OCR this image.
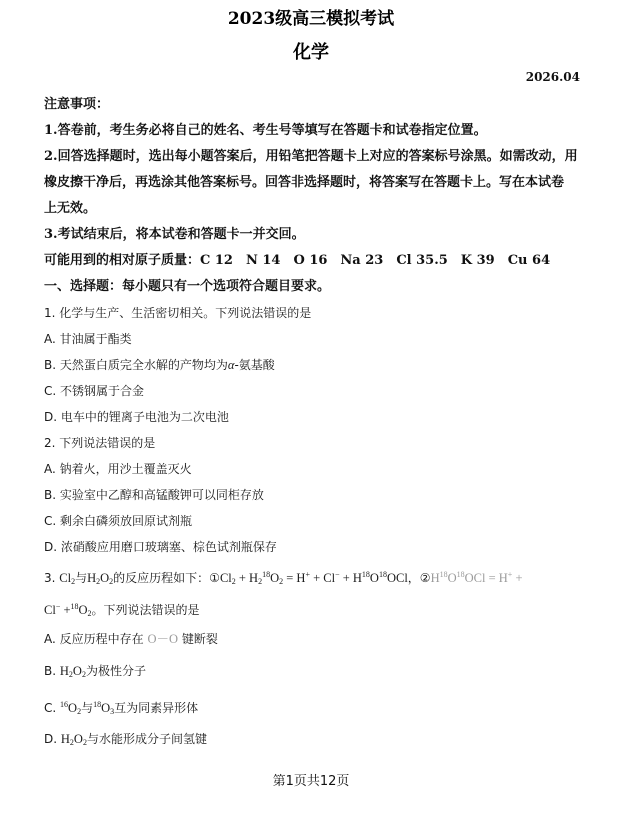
2023级高三模拟考试
化学
2026.04
注意事项：
1.答卷前，考生务必将自己的姓名、考生号等填写在答题卡和试卷指定位置。
2.回答选择题时，选出每小题答案后，用铅笔把答题卡上对应的答案标号涂黑。如需改动，用
橡皮擦干净后，再选涂其他答案标号。回答非选择题时，将答案写在答题卡上。写在本试卷
上无效。
3.考试结束后，将本试卷和答题卡一并交回。
可能用到的相对原子质量：C 12　N 14　O 16　Na 23　Cl 35.5　K 39　Cu 64
一、选择题：每小题只有一个选项符合题目要求。
1. 化学与生产、生活密切相关。下列说法错误的是
A. 甘油属于酯类
B. 天然蛋白质完全水解的产物均为α-氨基酸
C. 不锈钢属于合金
D. 电车中的锂离子电池为二次电池
2. 下列说法错误的是
A. 钠着火，用沙土覆盖灭火
B. 实验室中乙醇和高锰酸钾可以同柜存放
C. 剩余白磷须放回原试剂瓶
D. 浓硝酸应用磨口玻璃塞、棕色试剂瓶保存
3. $Cl_2$与$H_2O_2$的反应历程如下：$①Cl_2 + H_2^{18}O_2 = H^+ + Cl^- + H^{18}O^{18}OCl$，$②H^{18}O^{18}OCl = H^+$ +
$Cl^- +^{18}O_2$。下列说法错误的是
A. 反应历程中存在 O－O 键断裂
B. $H_2O_2$为极性分子
C. $^{16}O_2$与$^{18}O_3$互为同素异形体
D. $H_2O_2$与水能形成分子间氢键
第1页共12页
